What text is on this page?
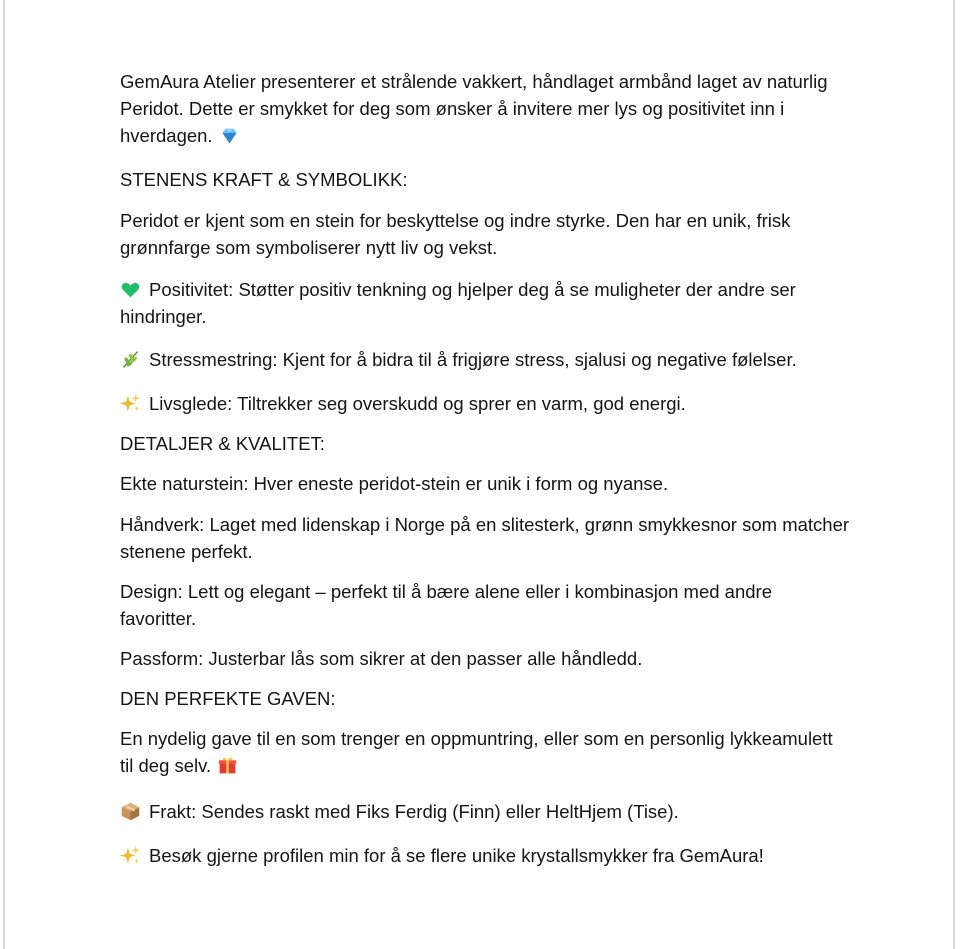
GemAura Atelier presenterer et strålende vakkert, håndlaget armbånd laget av naturlig Peridot. Dette er smykket for deg som ønsker å invitere mer lys og positivitet inn i hverdagen.

STENENS KRAFT & SYMBOLIKK:

Peridot er kjent som en stein for beskyttelse og indre styrke. Den har en unik, frisk grønnfarge som symboliserer nytt liv og vekst.

Positivitet: Støtter positiv tenkning og hjelper deg å se muligheter der andre ser hindringer.

Stressmestring: Kjent for å bidra til å frigjøre stress, sjalusi og negative følelser.

Livsglede: Tiltrekker seg overskudd og sprer en varm, god energi.

DETALJER & KVALITET:

Ekte naturstein: Hver eneste peridot-stein er unik i form og nyanse.

Håndverk: Laget med lidenskap i Norge på en slitesterk, grønn smykkesnor som matcher stenene perfekt.

Design: Lett og elegant – perfekt til å bære alene eller i kombinasjon med andre favoritter.

Passform: Justerbar lås som sikrer at den passer alle håndledd.

DEN PERFEKTE GAVEN:

En nydelig gave til en som trenger en oppmuntring, eller som en personlig lykkeamulett til deg selv.

Frakt: Sendes raskt med Fiks Ferdig (Finn) eller HeltHjem (Tise).

Besøk gjerne profilen min for å se flere unike krystallsmykker fra GemAura!
